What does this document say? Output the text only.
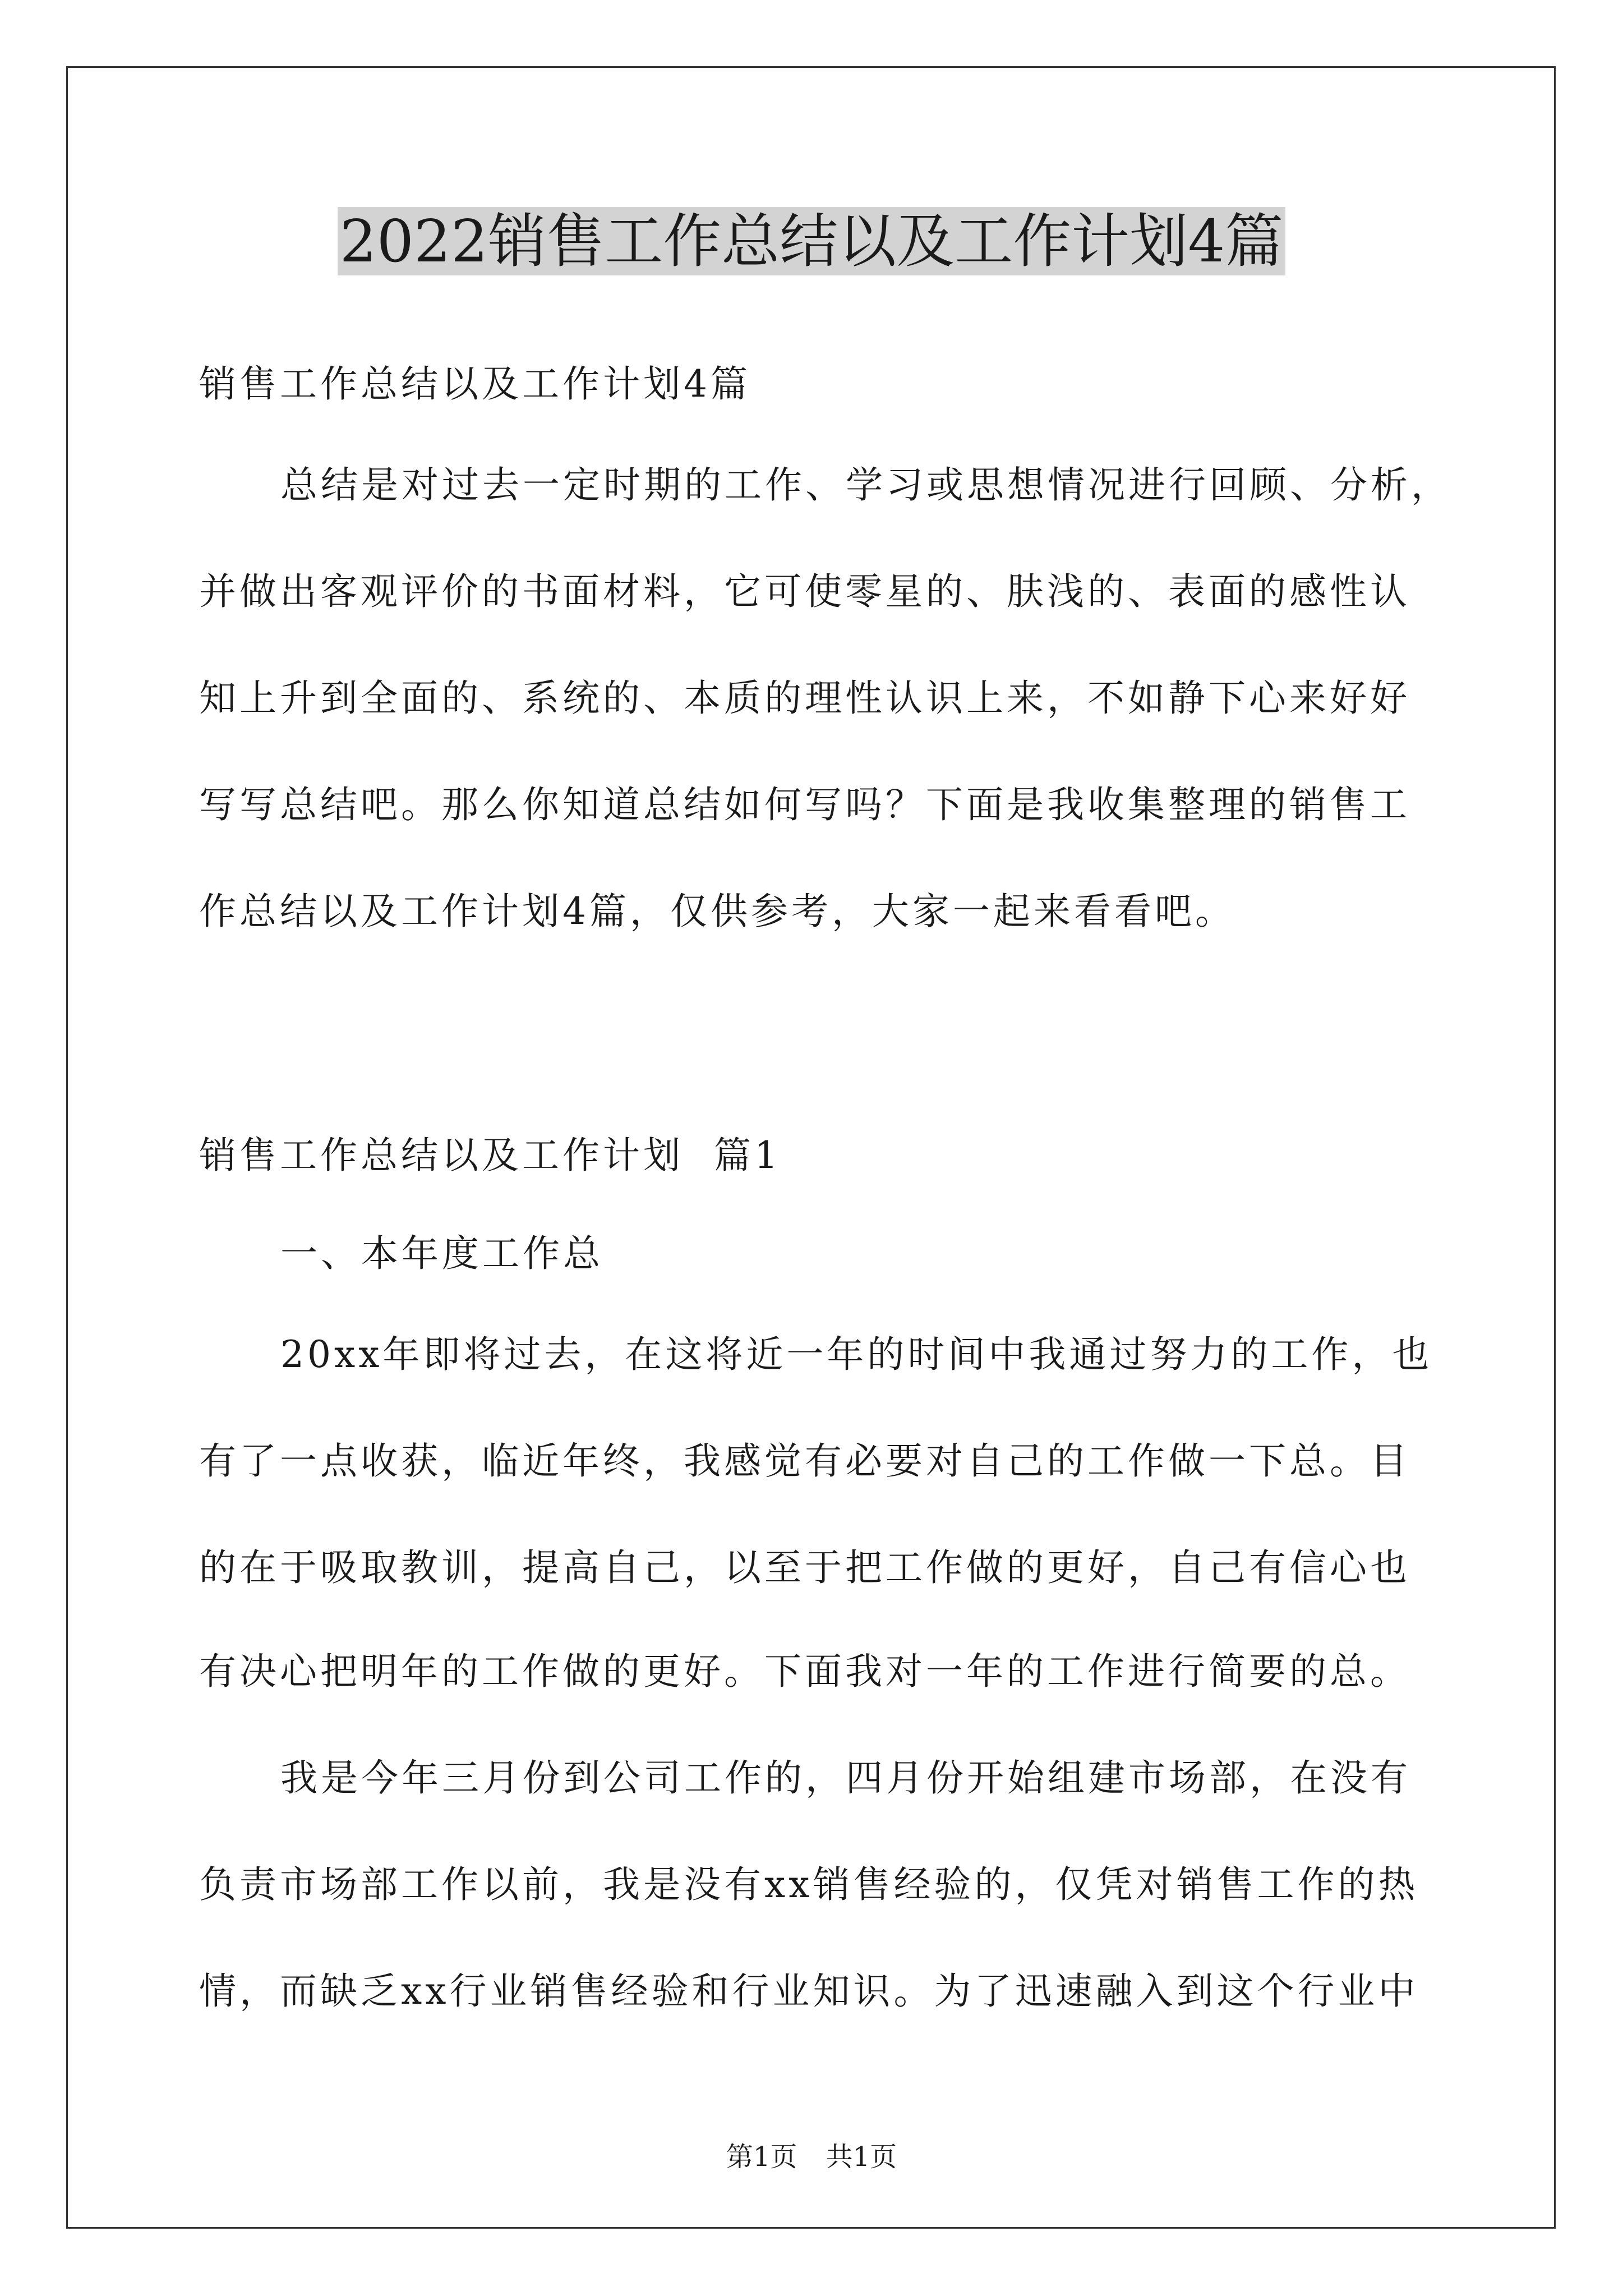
2022销售工作总结以及工作计划4篇

销售工作总结以及工作计划4篇

总结是对过去一定时期的工作、学习或思想情况进行回顾、分析，

并做出客观评价的书面材料，它可使零星的、肤浅的、表面的感性认

知上升到全面的、系统的、本质的理性认识上来，不如静下心来好好

写写总结吧。那么你知道总结如何写吗？下面是我收集整理的销售工

作总结以及工作计划4篇，仅供参考，大家一起来看看吧。

销售工作总结以及工作计划  篇1

一、本年度工作总

20xx年即将过去，在这将近一年的时间中我通过努力的工作，也

有了一点收获，临近年终，我感觉有必要对自己的工作做一下总。目

的在于吸取教训，提高自己，以至于把工作做的更好，自己有信心也

有决心把明年的工作做的更好。下面我对一年的工作进行简要的总。

我是今年三月份到公司工作的，四月份开始组建市场部，在没有

负责市场部工作以前，我是没有xx销售经验的，仅凭对销售工作的热

情，而缺乏xx行业销售经验和行业知识。为了迅速融入到这个行业中

第1页 共1页
